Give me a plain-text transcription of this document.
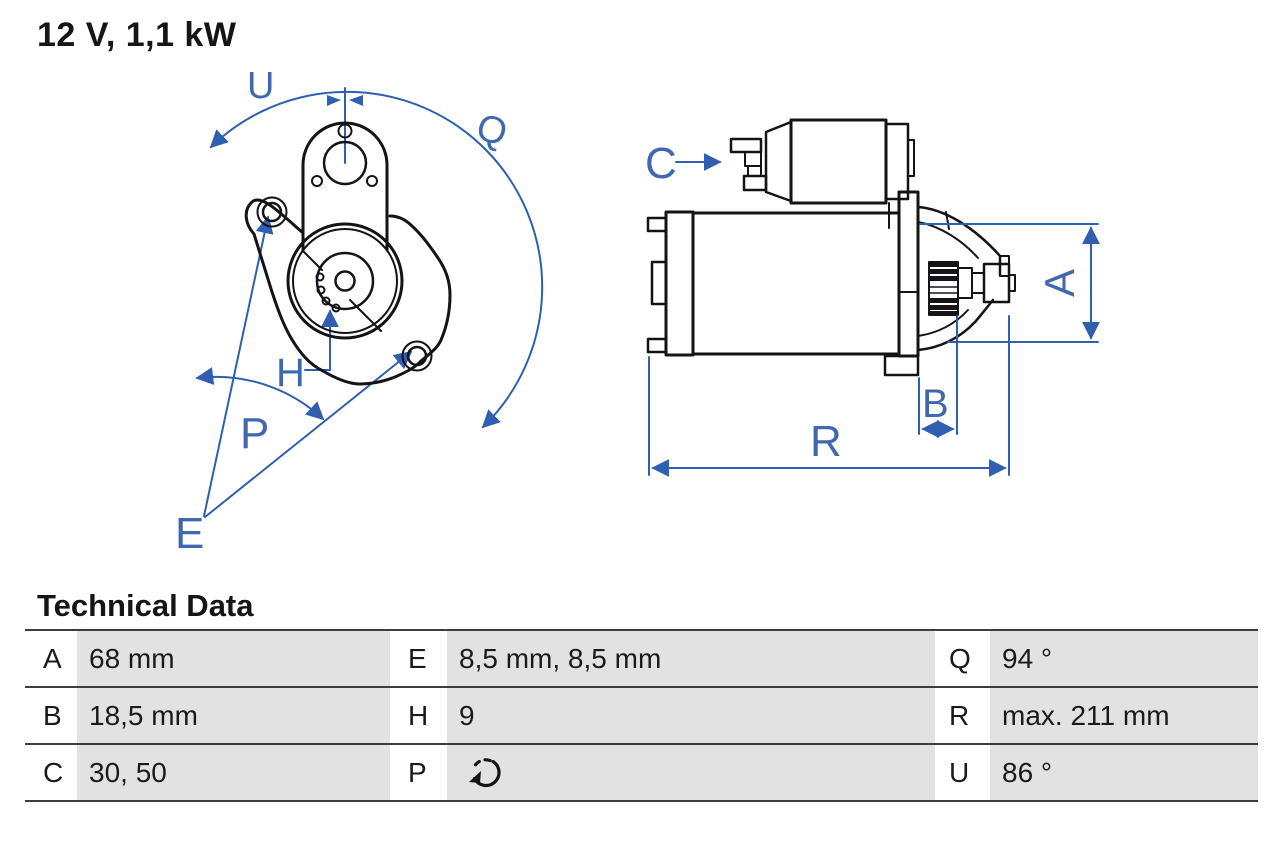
12 V, 1,1 kW
U
Q
H
P
E
C
A
B
R
Technical Data
A 68 mm	E	8,5 mm, 8,5 mm	Q	94 °
B 18,5 mm	H	9	R	max. 211 mm
C 30, 50	P	U	86 °
